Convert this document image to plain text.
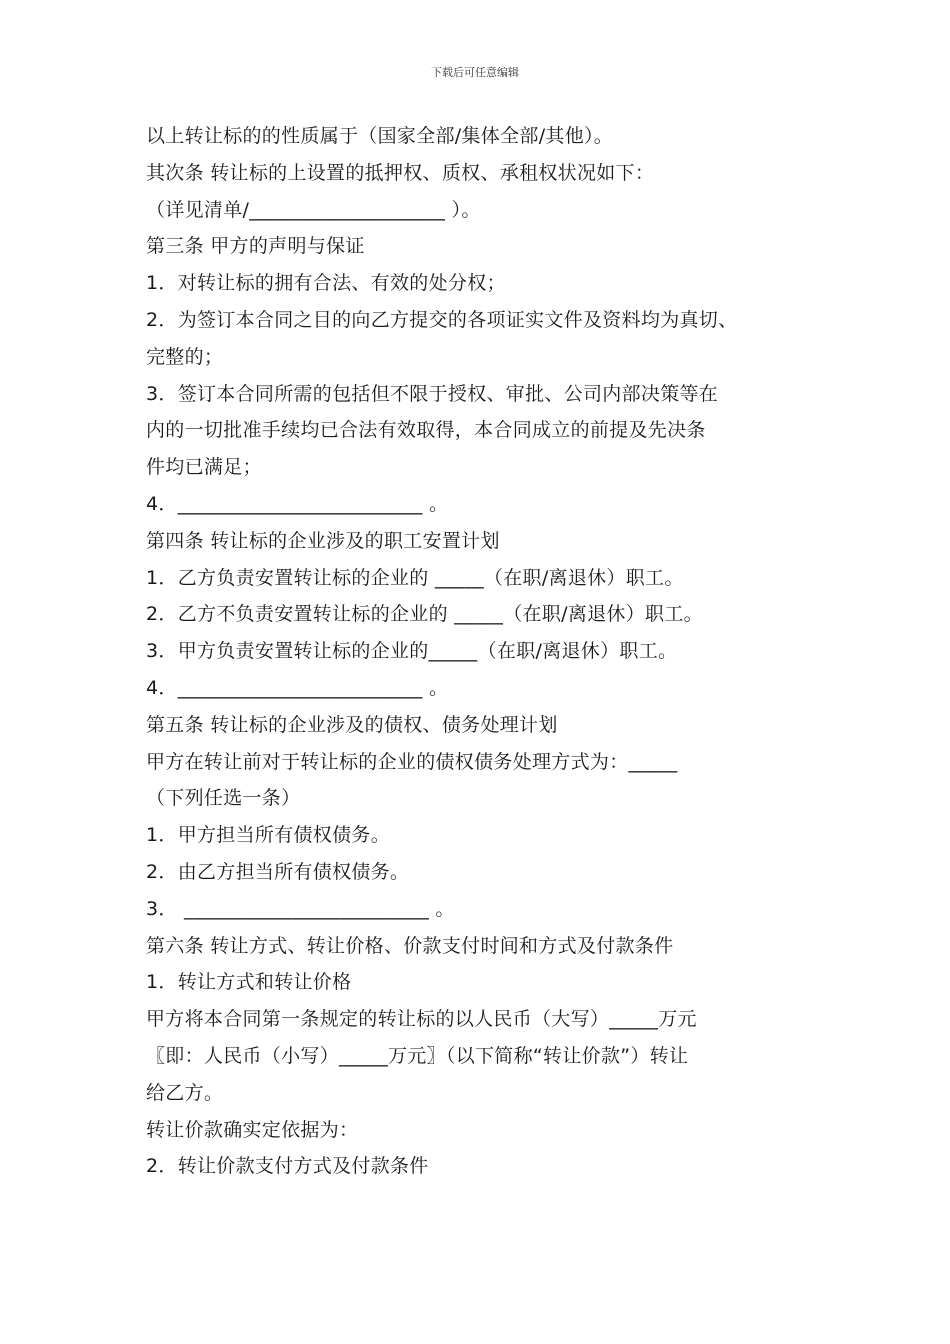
下载后可任意编辑
以上转让标的的性质属于（国家全部/集体全部/其他）。
其次条 转让标的上设置的抵押权、质权、承租权状况如下：
（详见清单/____________________ ）。
第三条 甲方的声明与保证
1．对转让标的拥有合法、有效的处分权；
2．为签订本合同之目的向乙方提交的各项证实文件及资料均为真切、
完整的；
3．签订本合同所需的包括但不限于授权、审批、公司内部决策等在
内的一切批准手续均已合法有效取得，本合同成立的前提及先决条
件均已满足；
4．_________________________ 。
第四条 转让标的企业涉及的职工安置计划
1．乙方负责安置转让标的企业的 _____（在职/离退休）职工。
2．乙方不负责安置转让标的企业的 _____（在职/离退休）职工。
3．甲方负责安置转让标的企业的_____（在职/离退休）职工。
4．_________________________ 。
第五条 转让标的企业涉及的债权、债务处理计划
甲方在转让前对于转让标的企业的债权债务处理方式为：_____
（下列任选一条）
1．甲方担当所有债权债务。
2．由乙方担当所有债权债务。
3． _________________________ 。
第六条 转让方式、转让价格、价款支付时间和方式及付款条件
1．转让方式和转让价格
甲方将本合同第一条规定的转让标的以人民币（大写）_____万元
〖即：人民币（小写）_____万元〗（以下简称“转让价款”）转让
给乙方。
转让价款确实定依据为：
2．转让价款支付方式及付款条件
